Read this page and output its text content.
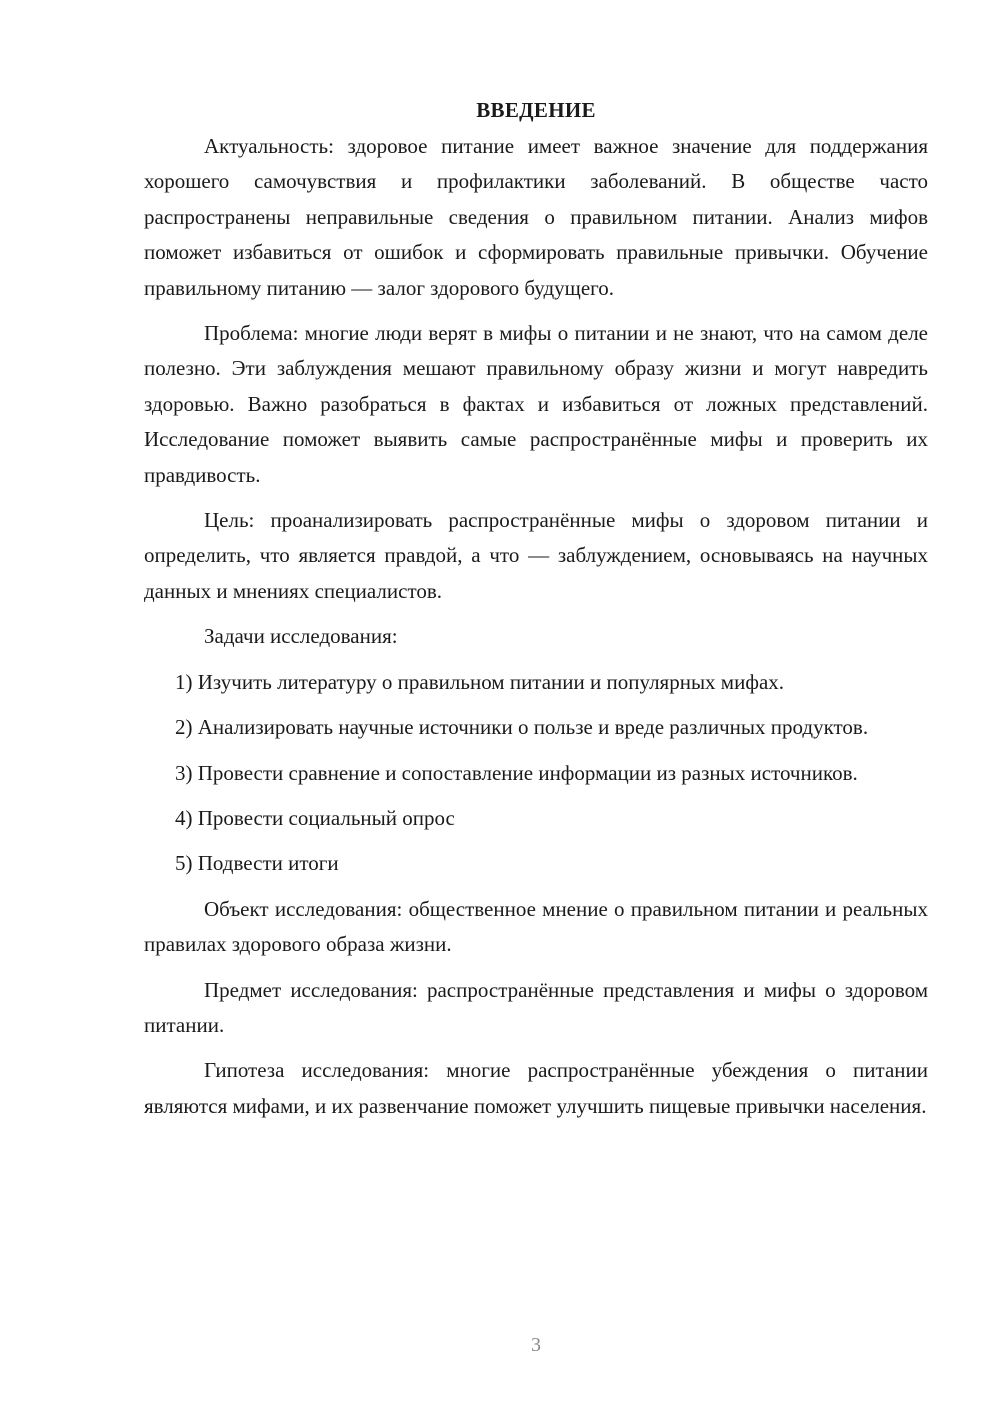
ВВЕДЕНИЕ

Актуальность: здоровое питание имеет важное значение для поддержания хорошего самочувствия и профилактики заболеваний. В обществе часто распространены неправильные сведения о правильном питании. Анализ мифов поможет избавиться от ошибок и сформировать правильные привычки. Обучение правильному питанию — залог здорового будущего.

Проблема: многие люди верят в мифы о питании и не знают, что на самом деле полезно. Эти заблуждения мешают правильному образу жизни и могут навредить здоровью. Важно разобраться в фактах и избавиться от ложных представлений. Исследование поможет выявить самые распространённые мифы и проверить их правдивость.

Цель: проанализировать распространённые мифы о здоровом питании и определить, что является правдой, а что — заблуждением, основываясь на научных данных и мнениях специалистов.

Задачи исследования:

1) Изучить литературу о правильном питании и популярных мифах.

2) Анализировать научные источники о пользе и вреде различных продуктов.

3) Провести сравнение и сопоставление информации из разных источников.

4) Провести социальный опрос

5) Подвести итоги

Объект исследования: общественное мнение о правильном питании и реальных правилах здорового образа жизни.

Предмет исследования: распространённые представления и мифы о здоровом питании.

Гипотеза исследования: многие распространённые убеждения о питании являются мифами, и их развенчание поможет улучшить пищевые привычки населения.

3
